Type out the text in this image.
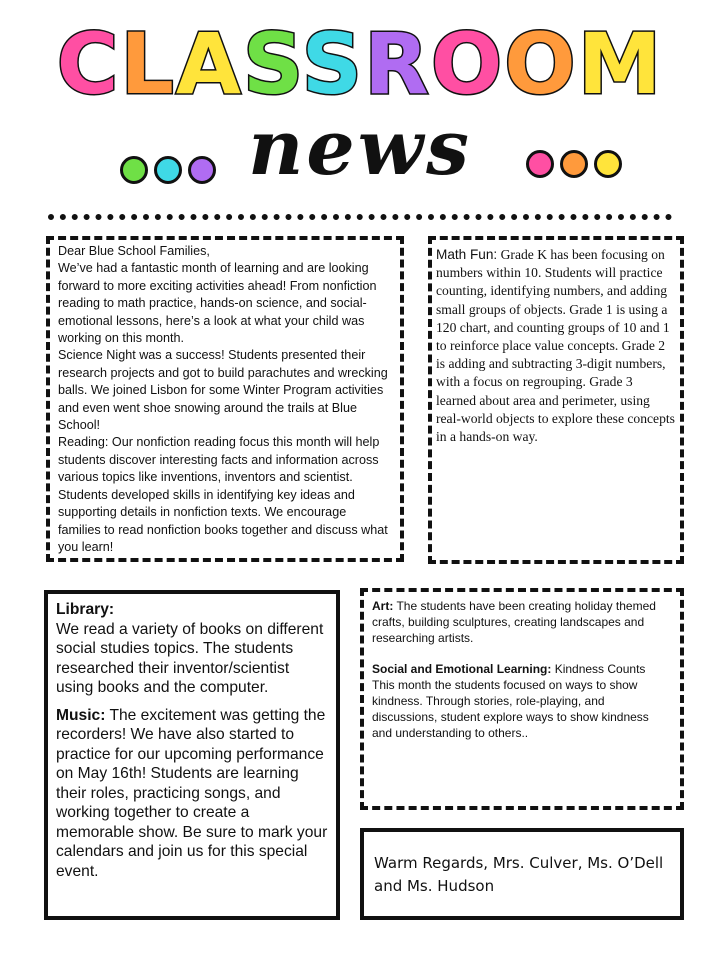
CLASSROOM
news

Dear Blue School Families,

We’ve had a fantastic month of learning and are looking forward to more exciting activities ahead! From nonfiction reading to math practice, hands-on science, and social-emotional lessons, here’s a look at what your child was working on this month.

Science Night was a success! Students presented their research projects and got to build parachutes and wrecking balls. We joined Lisbon for some Winter Program activities and even went shoe snowing around the trails at Blue School!

Reading: Our nonfiction reading focus this month will help students discover interesting facts and information across various topics like inventions, inventors and scientist. Students developed skills in identifying key ideas and supporting details in nonfiction texts. We encourage families to read nonfiction books together and discuss what you learn!

Math Fun: Grade K has been focusing on numbers within 10. Students will practice counting, identifying numbers, and adding small groups of objects. Grade 1 is using a 120 chart, and counting groups of 10 and 1 to reinforce place value concepts. Grade 2 is adding and subtracting 3-digit numbers, with a focus on regrouping. Grade 3 learned about area and perimeter, using real-world objects to explore these concepts in a hands-on way.

Library:

We read a variety of books on different social studies topics. The students researched their inventor/scientist using books and the computer.

Music: The excitement was getting the recorders! We have also started to practice for our upcoming performance on May 16th! Students are learning their roles, practicing songs, and working together to create a memorable show. Be sure to mark your calendars and join us for this special event.

Art: The students have been creating holiday themed crafts, building sculptures, creating landscapes and researching artists.

Social and Emotional Learning: Kindness Counts

This month the students focused on ways to show kindness. Through stories, role-playing, and discussions, student explore ways to show kindness and understanding to others..

Warm Regards, Mrs. Culver, Ms. O’Dell and Ms. Hudson
